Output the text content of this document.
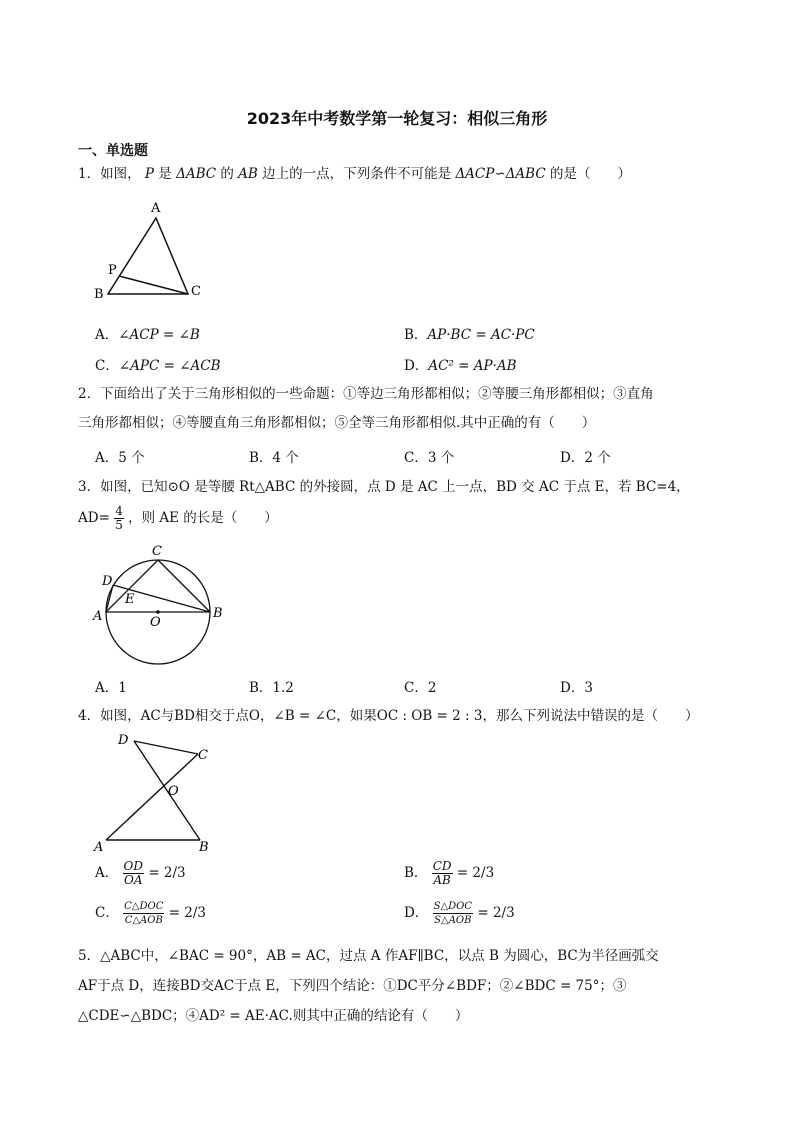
2023年中考数学第一轮复习：相似三角形
一、单选题
1．如图， P 是 ΔABC 的 AB 边上的一点，下列条件不可能是 ΔACP∽ΔABC 的是（　　）
A
P
B	C
A．∠ACP = ∠B	B．AP·BC = AC·PC
C．∠APC = ∠ACB	D．AC² = AP·AB
2．下面给出了关于三角形相似的一些命题：①等边三角形都相似；②等腰三角形都相似；③直角
三角形都相似；④等腰直角三角形都相似；⑤全等三角形都相似.其中正确的有（　　）
A．5 个	B．4 个	C．3 个	D．2 个
3．如图，已知⊙O 是等腰 Rt△ABC 的外接圆，点 D 是 AC 上一点，BD 交 AC 于点 E，若 BC=4，
$AD= \frac{4}{5}$ ，则 AE 的长是（　　）
C
D
E
A	O
B
A．1	B．1.2	C．2	D．3
4．如图，AC与BD相交于点O，∠B = ∠C，如果OC : OB = 2 : 3，那么下列说法中错误的是（　　）
D
C
O
A	B
A． $\frac{OD}{OA} = 2/3$	B． $\frac{CD}{AB} = 2/3$
C． $\frac{\text{C△DOC}}{\text{C△AOB}} = 2/3$	D． $\frac{\text{S△DOC}}{\text{S△AOB}} = 2/3$
5．△ABC中，∠BAC = 90°，AB = AC，过点 A 作AF∥BC，以点 B 为圆心，BC为半径画弧交
AF于点 D，连接BD交AC于点 E，下列四个结论：①DC平分∠BDF；②∠BDC = 75°；③
△CDE∽△BDC；④AD² = AE·AC.则其中正确的结论有（　　）
